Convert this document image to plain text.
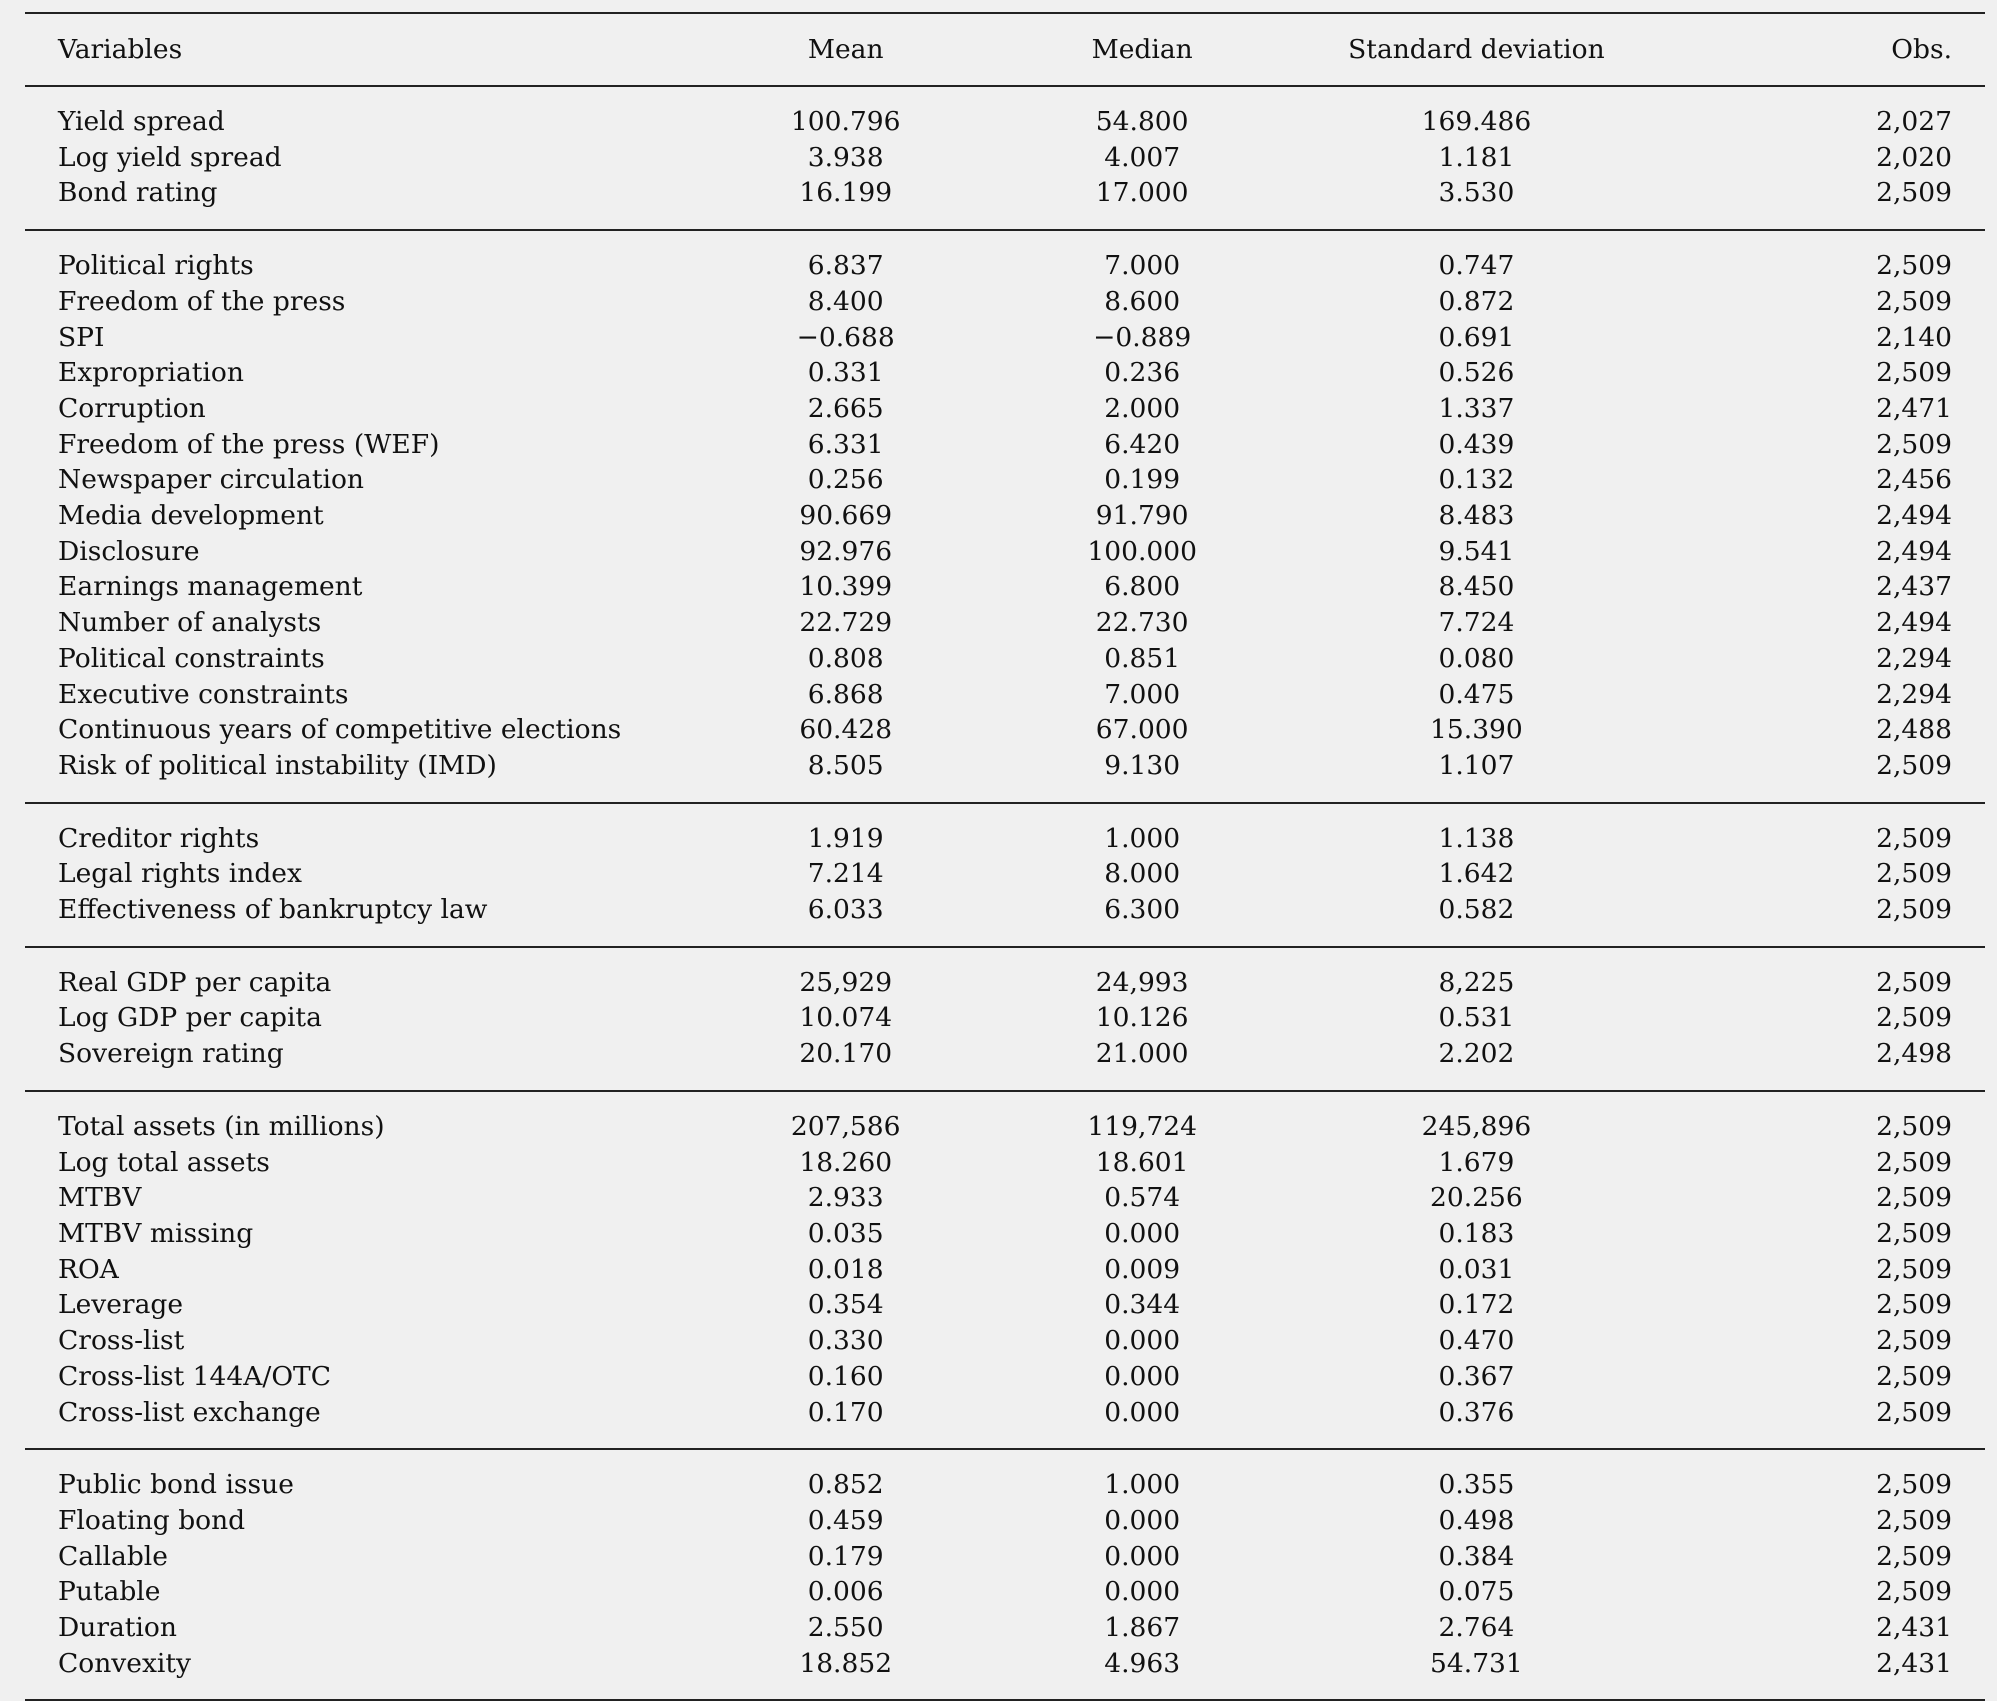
Variables	Mean	Median	Standard deviation	Obs.
Yield spread	100.796	54.800	169.486	2,027
Log yield spread	3.938	4.007	1.181	2,020
Bond rating	16.199	17.000	3.530	2,509
Political rights	6.837	7.000	0.747	2,509
Freedom of the press	8.400	8.600	0.872	2,509
SPI	−0.688	−0.889	0.691	2,140
Expropriation	0.331	0.236	0.526	2,509
Corruption	2.665	2.000	1.337	2,471
Freedom of the press (WEF)	6.331	6.420	0.439	2,509
Newspaper circulation	0.256	0.199	0.132	2,456
Media development	90.669	91.790	8.483	2,494
Disclosure	92.976	100.000	9.541	2,494
Earnings management	10.399	6.800	8.450	2,437
Number of analysts	22.729	22.730	7.724	2,494
Political constraints	0.808	0.851	0.080	2,294
Executive constraints	6.868	7.000	0.475	2,294
Continuous years of competitive elections	60.428	67.000	15.390	2,488
Risk of political instability (IMD)	8.505	9.130	1.107	2,509
Creditor rights	1.919	1.000	1.138	2,509
Legal rights index	7.214	8.000	1.642	2,509
Effectiveness of bankruptcy law	6.033	6.300	0.582	2,509
Real GDP per capita	25,929	24,993	8,225	2,509
Log GDP per capita	10.074	10.126	0.531	2,509
Sovereign rating	20.170	21.000	2.202	2,498
Total assets (in millions)	207,586	119,724	245,896	2,509
Log total assets	18.260	18.601	1.679	2,509
MTBV	2.933	0.574	20.256	2,509
MTBV missing	0.035	0.000	0.183	2,509
ROA	0.018	0.009	0.031	2,509
Leverage	0.354	0.344	0.172	2,509
Cross-list	0.330	0.000	0.470	2,509
Cross-list 144A/OTC	0.160	0.000	0.367	2,509
Cross-list exchange	0.170	0.000	0.376	2,509
Public bond issue	0.852	1.000	0.355	2,509
Floating bond	0.459	0.000	0.498	2,509
Callable	0.179	0.000	0.384	2,509
Putable	0.006	0.000	0.075	2,509
Duration	2.550	1.867	2.764	2,431
Convexity	18.852	4.963	54.731	2,431
